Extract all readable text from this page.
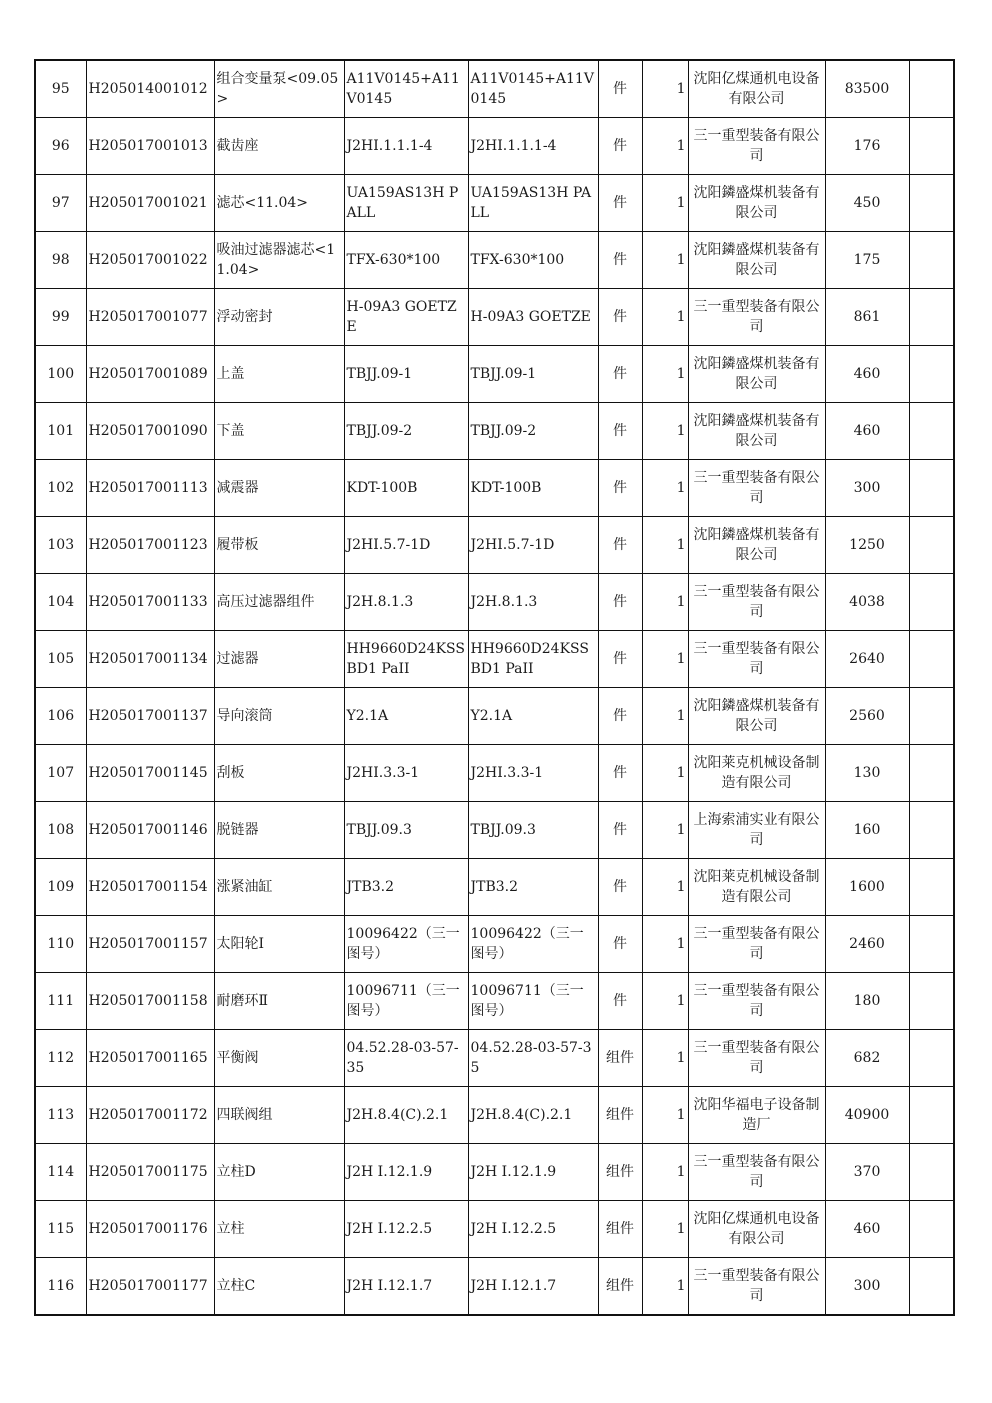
95	H205014001012	组合变量泵<09.05>	A11V0145+A11V0145	A11V0145+A11V0145	件	1	沈阳亿煤通机电设备有限公司	83500	
96	H205017001013	截齿座	J2HⅠ.1.1.1-4	J2HⅠ.1.1.1-4	件	1	三一重型装备有限公司	176	
97	H205017001021	滤芯<11.04>	UA159AS13H PALL	UA159AS13H PALL	件	1	沈阳鏻盛煤机装备有限公司	450	
98	H205017001022	吸油过滤器滤芯<11.04>	TFX-630*100	TFX-630*100	件	1	沈阳鏻盛煤机装备有限公司	175	
99	H205017001077	浮动密封	H-09A3 GOETZE	H-09A3 GOETZE	件	1	三一重型装备有限公司	861	
100	H205017001089	上盖	TBJJ.09-1	TBJJ.09-1	件	1	沈阳鏻盛煤机装备有限公司	460	
101	H205017001090	下盖	TBJJ.09-2	TBJJ.09-2	件	1	沈阳鏻盛煤机装备有限公司	460	
102	H205017001113	减震器	KDT-100B	KDT-100B	件	1	三一重型装备有限公司	300	
103	H205017001123	履带板	J2HI.5.7-1D	J2HI.5.7-1D	件	1	沈阳鏻盛煤机装备有限公司	1250	
104	H205017001133	高压过滤器组件	J2H.8.1.3	J2H.8.1.3	件	1	三一重型装备有限公司	4038	
105	H205017001134	过滤器	HH9660D24KSSBD1 PaII	HH9660D24KSSBD1 PaII	件	1	三一重型装备有限公司	2640	
106	H205017001137	导向滚筒	Y2.1A	Y2.1A	件	1	沈阳鏻盛煤机装备有限公司	2560	
107	H205017001145	刮板	J2HI.3.3-1	J2HI.3.3-1	件	1	沈阳莱克机械设备制造有限公司	130	
108	H205017001146	脱链器	TBJJ.09.3	TBJJ.09.3	件	1	上海索浦实业有限公司	160	
109	H205017001154	涨紧油缸	JTB3.2	JTB3.2	件	1	沈阳莱克机械设备制造有限公司	1600	
110	H205017001157	太阳轮Ⅰ	10096422（三一图号）	10096422（三一图号）	件	1	三一重型装备有限公司	2460	
111	H205017001158	耐磨环Ⅱ	10096711（三一图号）	10096711（三一图号）	件	1	三一重型装备有限公司	180	
112	H205017001165	平衡阀	04.52.28-03-57-35	04.52.28-03-57-35	组件	1	三一重型装备有限公司	682	
113	H205017001172	四联阀组	J2H.8.4(C).2.1	J2H.8.4(C).2.1	组件	1	沈阳华福电子设备制造厂	40900	
114	H205017001175	立柱D	J2H I.12.1.9	J2H I.12.1.9	组件	1	三一重型装备有限公司	370	
115	H205017001176	立柱	J2H I.12.2.5	J2H I.12.2.5	组件	1	沈阳亿煤通机电设备有限公司	460	
116	H205017001177	立柱C	J2H I.12.1.7	J2H I.12.1.7	组件	1	三一重型装备有限公司	300	
